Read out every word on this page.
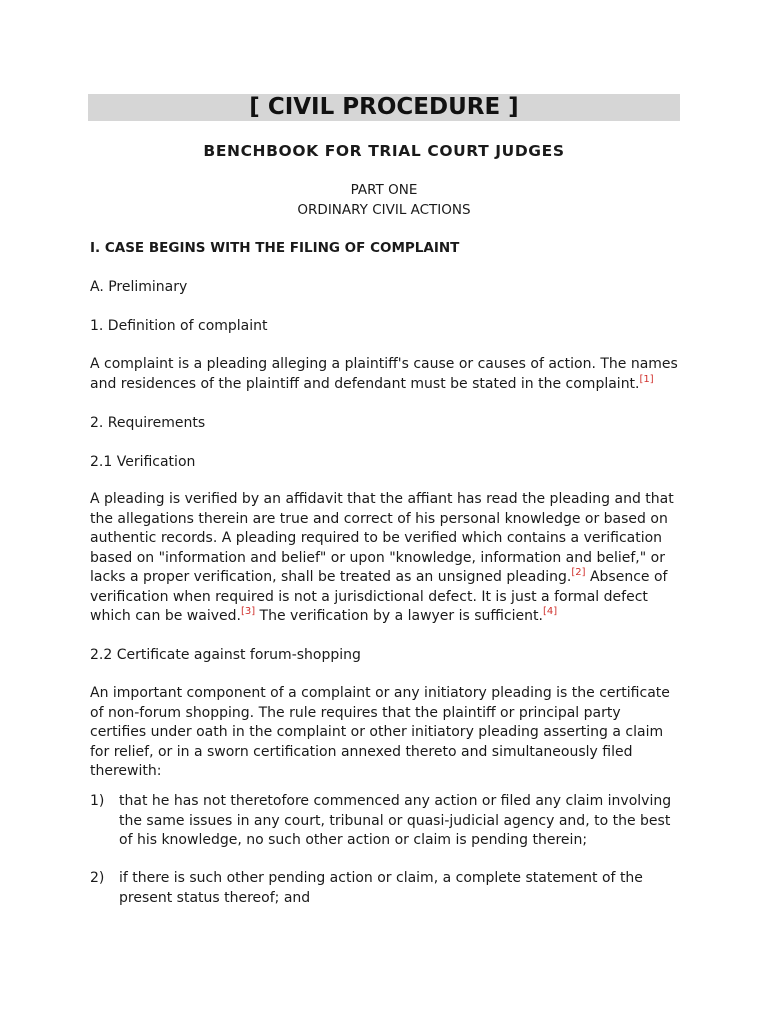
[ CIVIL PROCEDURE ]
BENCHBOOK FOR TRIAL COURT JUDGES
PART ONE
ORDINARY CIVIL ACTIONS
I. CASE BEGINS WITH THE FILING OF COMPLAINT
A. Preliminary
1. Definition of complaint
A complaint is a pleading alleging a plaintiff's cause or causes of action. The names
and residences of the plaintiff and defendant must be stated in the complaint.[1]
2. Requirements
2.1 Verification
A pleading is verified by an affidavit that the affiant has read the pleading and that
the allegations therein are true and correct of his personal knowledge or based on
authentic records. A pleading required to be verified which contains a verification
based on "information and belief" or upon "knowledge, information and belief," or
lacks a proper verification, shall be treated as an unsigned pleading.[2] Absence of
verification when required is not a jurisdictional defect. It is just a formal defect
which can be waived.[3] The verification by a lawyer is sufficient.[4]
2.2 Certificate against forum-shopping
An important component of a complaint or any initiatory pleading is the certificate
of non-forum shopping. The rule requires that the plaintiff or principal party
certifies under oath in the complaint or other initiatory pleading asserting a claim
for relief, or in a sworn certification annexed thereto and simultaneously filed
therewith:
1) that he has not theretofore commenced any action or filed any claim involving
the same issues in any court, tribunal or quasi-judicial agency and, to the best
of his knowledge, no such other action or claim is pending therein;
2) if there is such other pending action or claim, a complete statement of the
present status thereof; and
